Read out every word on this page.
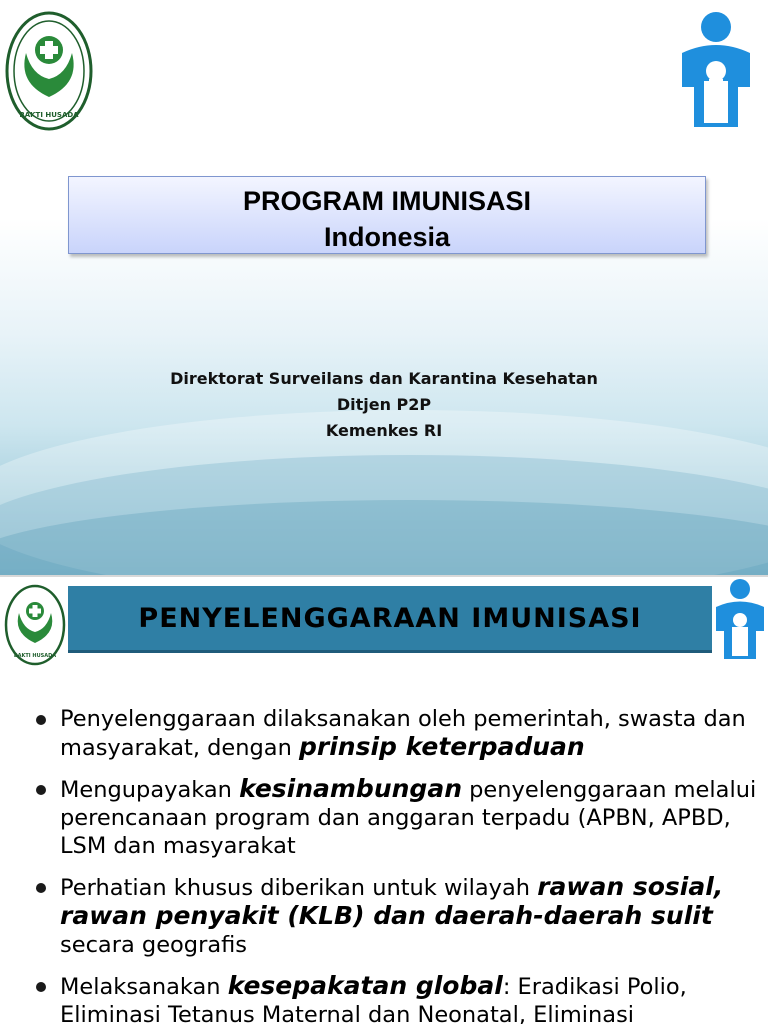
BAKTI HUSADA
PROGRAM IMUNISASI
Indonesia
Direktorat Surveilans dan Karantina Kesehatan
Ditjen P2P
Kemenkes RI
BAKTI HUSADA
PENYELENGGARAAN IMUNISASI
Penyelenggaraan dilaksanakan oleh pemerintah, swasta dan masyarakat, dengan prinsip keterpaduan
Mengupayakan kesinambungan penyelenggaraan melalui perencanaan program dan anggaran terpadu (APBN, APBD, LSM dan masyarakat
Perhatian khusus diberikan untuk wilayah rawan sosial, rawan penyakit (KLB) dan daerah-daerah sulit secara geografis
Melaksanakan kesepakatan global: Eradikasi Polio, Eliminasi Tetanus Maternal dan Neonatal, Eliminasi
